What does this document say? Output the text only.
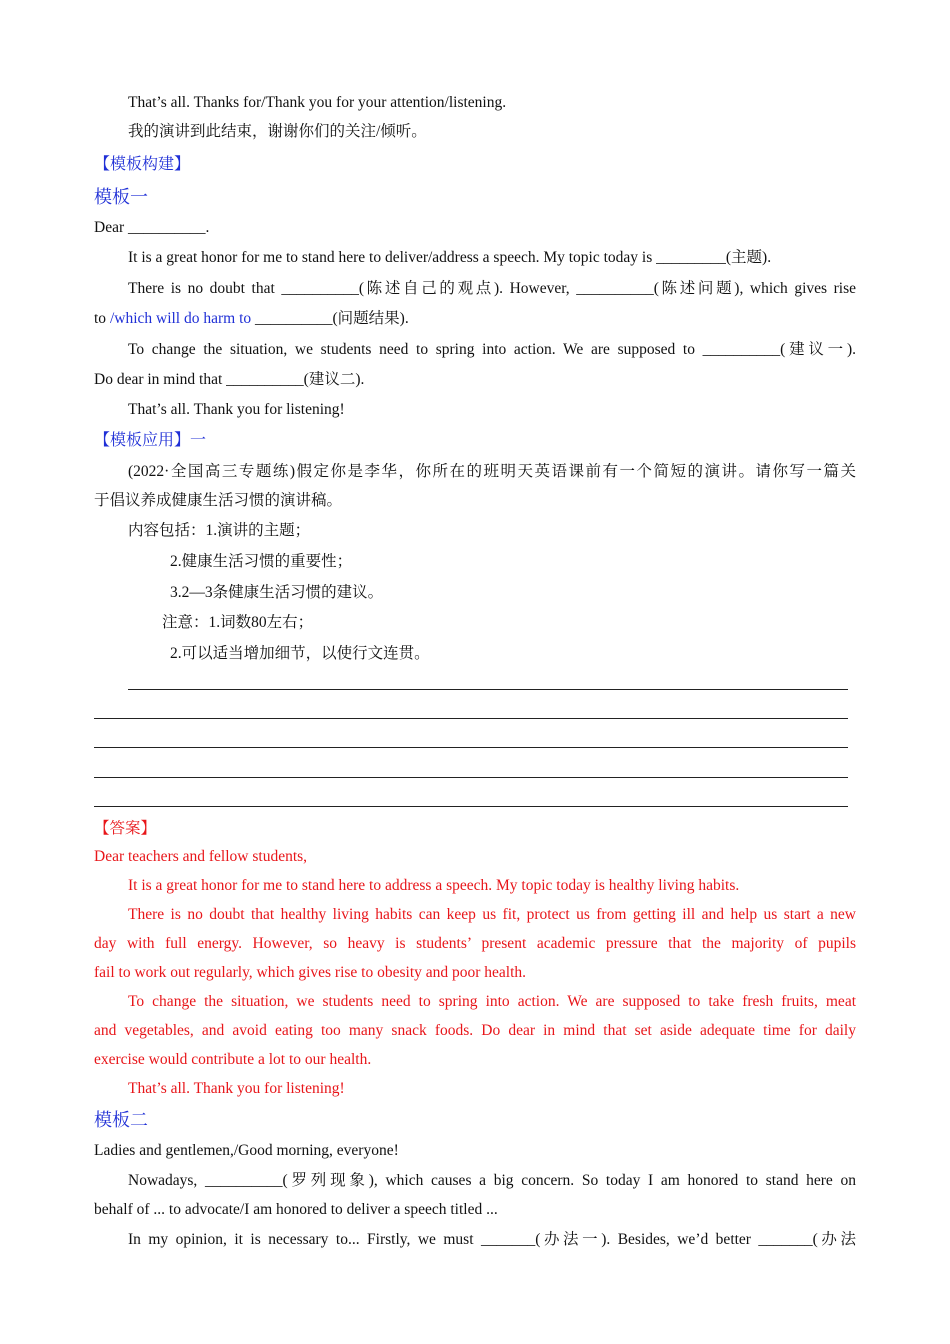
That’s all. Thanks for/Thank you for your attention/listening.
我的演讲到此结束，谢谢你们的关注/倾听。
【模板构建】
模板一
Dear __________.
It is a great honor for me to stand here to deliver/address a speech. My topic today is _________(主题).
There is no doubt that __________(陈述自己的观点). However, __________(陈述问题), which gives rise
to /which will do harm to __________(问题结果).
To change the situation, we students need to spring into action. We are supposed to __________(建议一).
Do dear in mind that __________(建议二).
That’s all. Thank you for listening!
【模板应用】一
(2022·全国高三专题练)假定你是李华，你所在的班明天英语课前有一个简短的演讲。请你写一篇关
于倡议养成健康生活习惯的演讲稿。
内容包括：1.演讲的主题；
2.健康生活习惯的重要性；
3.2—3条健康生活习惯的建议。
注意：1.词数80左右；
2.可以适当增加细节，以使行文连贯。
【答案】
Dear teachers and fellow students,
It is a great honor for me to stand here to address a speech. My topic today is healthy living habits.
There is no doubt that healthy living habits can keep us fit, protect us from getting ill and help us start a new
day with full energy. However, so heavy is students’ present academic pressure that the majority of pupils
fail to work out regularly, which gives rise to obesity and poor health.
To change the situation, we students need to spring into action. We are supposed to take fresh fruits, meat
and vegetables, and avoid eating too many snack foods. Do dear in mind that set aside adequate time for daily
exercise would contribute a lot to our health.
That’s all. Thank you for listening!
模板二
Ladies and gentlemen,/Good morning, everyone!
Nowadays, __________(罗列现象), which causes a big concern. So today I am honored to stand here on
behalf of ... to advocate/I am honored to deliver a speech titled ...
In my opinion, it is necessary to... Firstly, we must _______(办法一). Besides, we’d better _______(办法
